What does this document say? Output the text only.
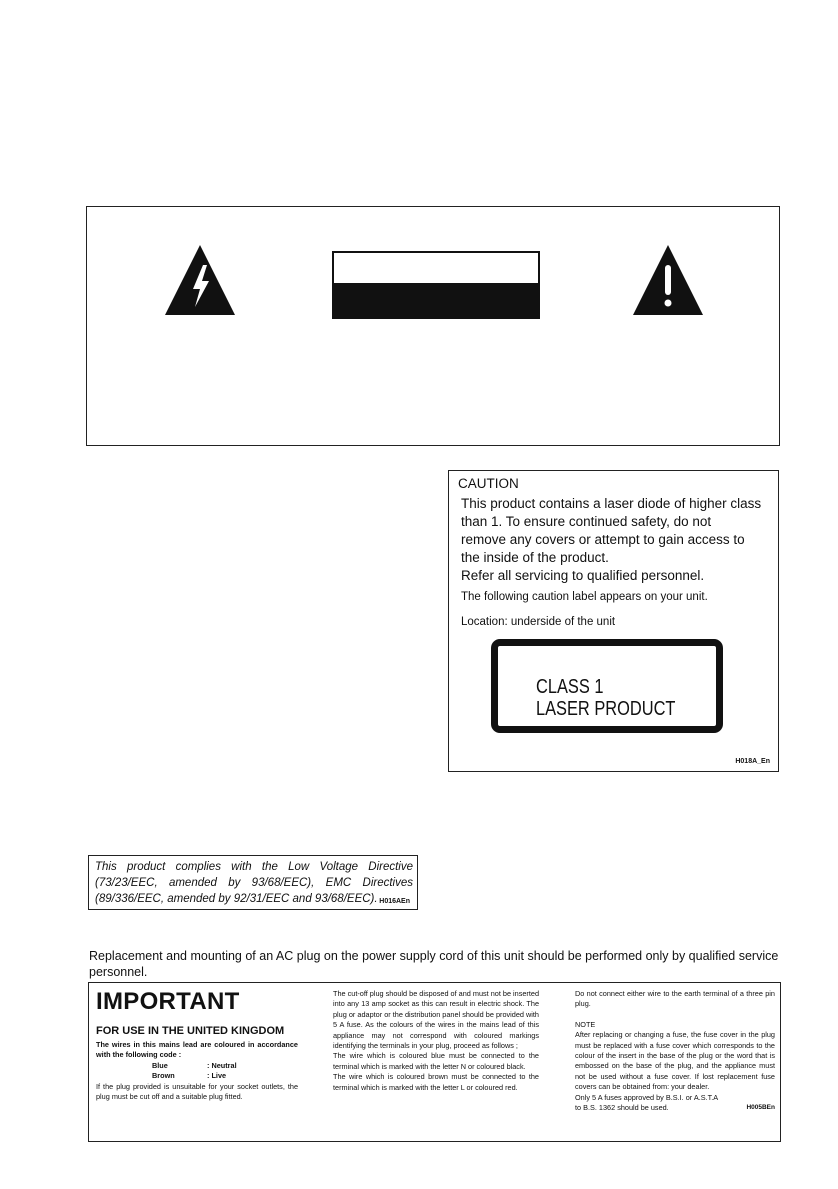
CAUTION
This product contains a laser diode of higher class
than 1. To ensure continued safety, do not
remove any covers or attempt to gain access to
the inside of the product.
Refer all servicing to qualified personnel.
The following caution label appears on your unit.
Location: underside of the unit
CLASS 1
LASER PRODUCT
H018A_En
This product complies with the Low Voltage Directive (73/23/EEC, amended by 93/68/EEC), EMC Directives (89/336/EEC, amended by 92/31/EEC and 93/68/EEC). H016AEn
Replacement and mounting of an AC plug on the power supply cord of this unit should be performed only by qualified service personnel.
IMPORTANT
FOR USE IN THE UNITED KINGDOM
The wires in this mains lead are coloured in accordance with the following code :
Blue	: Neutral
Brown	: Live
If the plug provided is unsuitable for your socket outlets, the plug must be cut off and a suitable plug fitted.
The cut-off plug should be disposed of and must not be inserted into any 13 amp socket as this can result in electric shock. The plug or adaptor or the distribution panel should be provided with 5 A fuse. As the colours of the wires in the mains lead of this appliance may not correspond with coloured markings identifying the terminals in your plug, proceed as follows ;
The wire which is coloured blue must be connected to the terminal which is marked with the letter N or coloured black.
The wire which is coloured brown must be connected to the terminal which is marked with the letter L or coloured red.
Do not connect either wire to the earth terminal of a three pin plug.
NOTE
After replacing or changing a fuse, the fuse cover in the plug must be replaced with a fuse cover which corresponds to the colour of the insert in the base of the plug or the word that is embossed on the base of the plug, and the appliance must not be used without a fuse cover. If lost replacement fuse covers can be obtained from: your dealer.
Only 5 A fuses approved by B.S.I. or A.S.T.A to B.S. 1362 should be used.	H005BEn
